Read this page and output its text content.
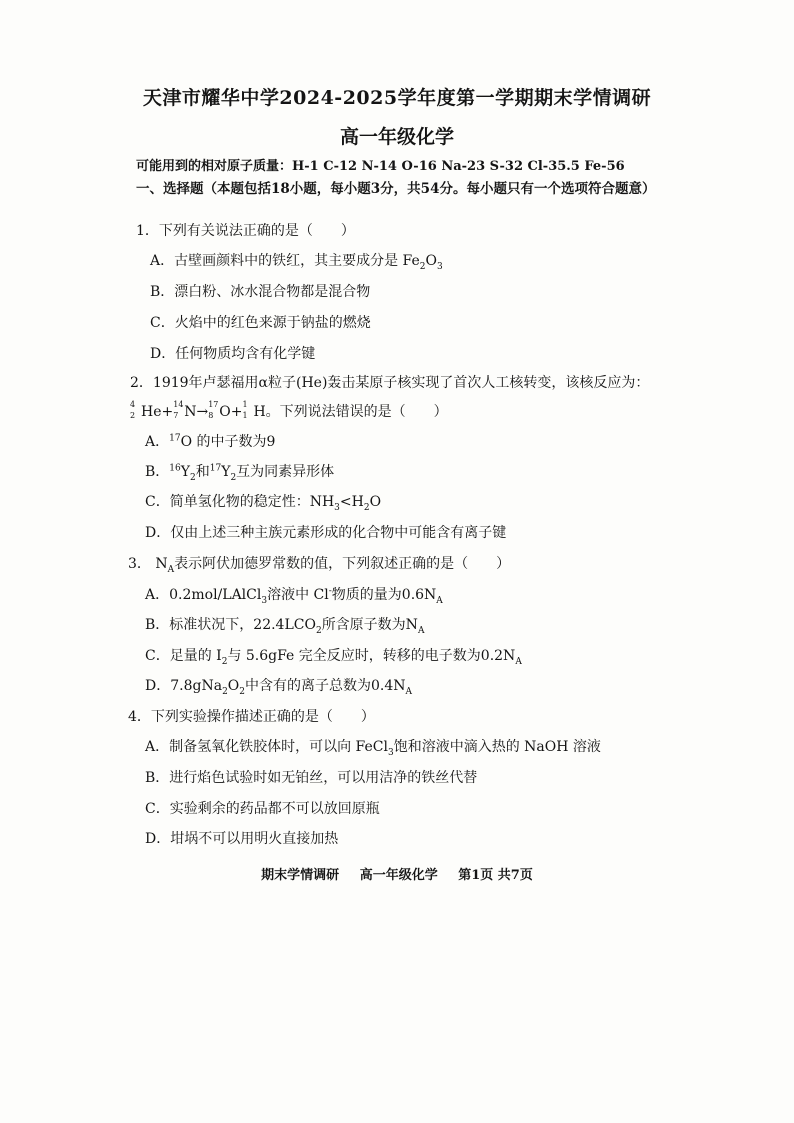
天津市耀华中学2024-2025学年度第一学期期末学情调研
高一年级化学
可能用到的相对原子质量：H-1 C-12 N-14 O-16 Na-23 S-32 Cl-35.5 Fe-56
一、选择题（本题包括18小题，每小题3分，共54分。每小题只有一个选项符合题意）
1．下列有关说法正确的是（　　）
A．古壁画颜料中的铁红，其主要成分是 $Fe_2O_3$
B．漂白粉、冰水混合物都是混合物
C．火焰中的红色来源于钠盐的燃烧
D．任何物质均含有化学键
2．1919年卢瑟福用α粒子(He)轰击某原子核实现了首次人工核转变，该核反应为：
4
2 He+ 14
7 N→ 17
8 O+ 1
1 H。下列说法错误的是（　　）
A．$^{17}$O 的中子数为9
B．$^{16}Y_2$和$^{17}Y_2$互为同素异形体
C．简单氢化物的稳定性：$NH_3<H_2O$
D．仅由上述三种主族元素形成的化合物中可能含有离子键
3． $N_A$表示阿伏加德罗常数的值，下列叙述正确的是（　　）
A．0.2mol/LAlCl$_3$溶液中 Cl-物质的量为$0.6N_A$
B．标准状况下，$22.4LCO_2$所含原子数为$N_A$
C．足量的 $I_2$与 5.6gFe 完全反应时，转移的电子数为$0.2N_A$
D．$7.8gNa_2O_2$中含有的离子总数为$0.4N_A$
4．下列实验操作描述正确的是（　　）
A．制备氢氧化铁胶体时，可以向 FeCl$_3$饱和溶液中滴入热的 NaOH 溶液
B．进行焰色试验时如无铂丝，可以用洁净的铁丝代替
C．实验剩余的药品都不可以放回原瓶
D．坩埚不可以用明火直接加热
期末学情调研 高一年级化学 第1页 共7页
